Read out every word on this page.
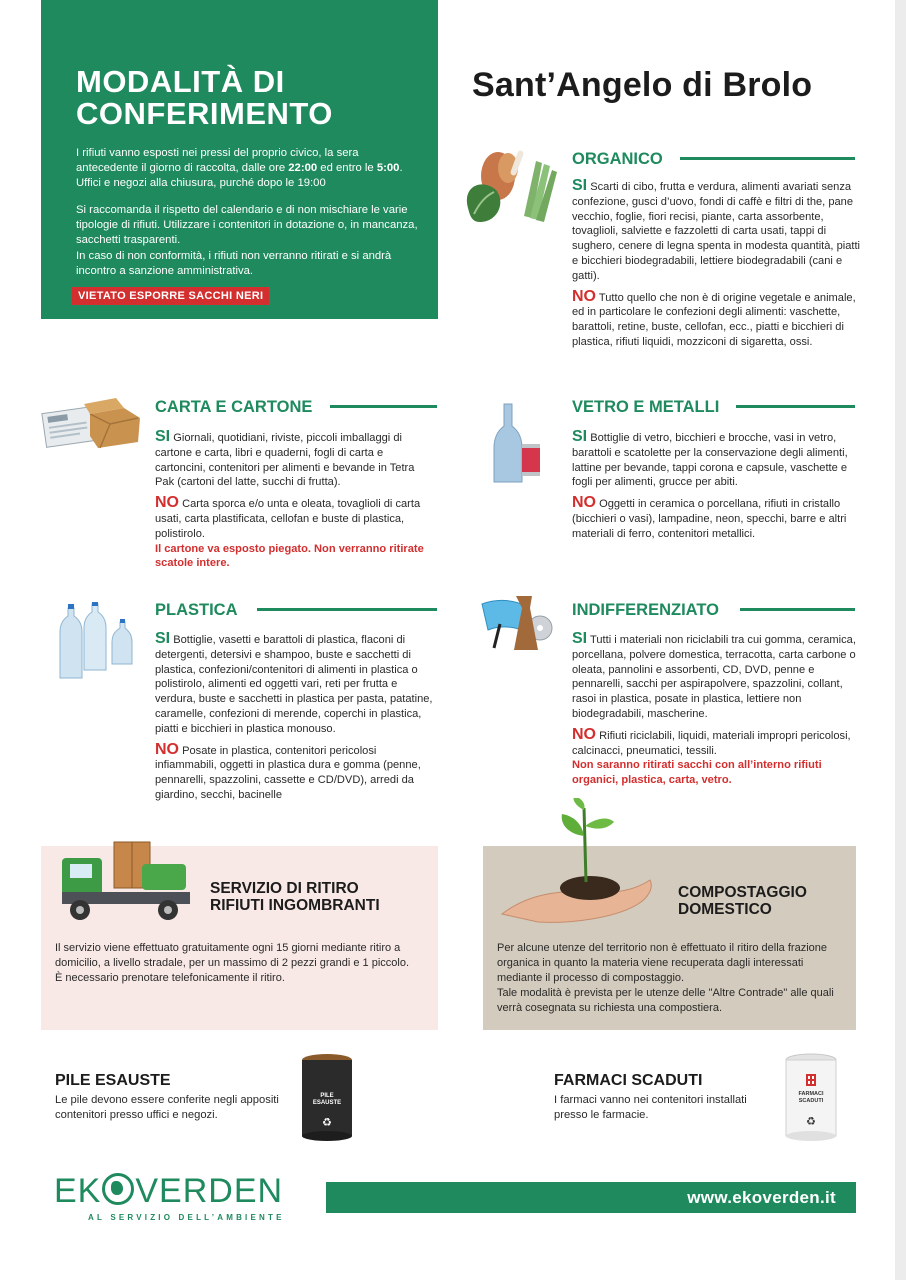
MODALITÀ DI
CONFERIMENTO
I rifiuti vanno esposti nei pressi del proprio civico, la sera antecedente il giorno di raccolta, dalle ore 22:00 ed entro le 5:00. Uffici e negozi alla chiusura, purché dopo le 19:00
Si raccomanda il rispetto del calendario e di non mischiare le varie tipologie di rifiuti. Utilizzare i contenitori in dotazione o, in mancanza, sacchetti trasparenti.
In caso di non conformità, i rifiuti non verranno ritirati e si andrà incontro a sanzione amministrativa.
VIETATO ESPORRE SACCHI NERI
Sant’Angelo di Brolo
ORGANICO

SI Scarti di cibo, frutta e verdura, alimenti avariati senza confezione, gusci d’uovo, fondi di caffè e filtri di the, pane vecchio, foglie, fiori recisi, piante, carta assorbente, tovaglioli, salviette e fazzoletti di carta usati, tappi di sughero, cenere di legna spenta in modesta quantità, piatti e bicchieri biodegradabili, lettiere biodegradabili (cani e gatti).

NO Tutto quello che non è di origine vegetale e animale, ed in particolare le confezioni degli alimenti: vaschette, barattoli, retine, buste, cellofan, ecc., piatti e bicchieri di plastica, rifiuti liquidi, mozziconi di sigaretta, ossi.

CARTA E CARTONE

SI Giornali, quotidiani, riviste, piccoli imballaggi di cartone e carta, libri e quaderni, fogli di carta e cartoncini, contenitori per alimenti e bevande in Tetra Pak (cartoni del latte, succhi di frutta).

NO Carta sporca e/o unta e oleata, tovaglioli di carta usati, carta plastificata, cellofan e buste di plastica, polistirolo.

Il cartone va esposto piegato. Non verranno ritirate scatole intere.
VETRO E METALLI

SI Bottiglie di vetro, bicchieri e brocche, vasi in vetro, barattoli e scatolette per la conservazione degli alimenti, lattine per bevande, tappi corona e capsule, vaschette e fogli per alimenti, grucce per abiti.

NO Oggetti in ceramica o porcellana, rifiuti in cristallo (bicchieri o vasi), lampadine, neon, specchi, barre e altri materiali di ferro, contenitori metallici.

PLASTICA

SI Bottiglie, vasetti e barattoli di plastica, flaconi di detergenti, detersivi e shampoo, buste e sacchetti di plastica, confezioni/contenitori di alimenti in plastica o polistirolo, alimenti ed oggetti vari, reti per frutta e verdura, buste e sacchetti in plastica per pasta, patatine, caramelle, confezioni di merende, coperchi in plastica, piatti e bicchieri in plastica monouso.

NO Posate in plastica, contenitori pericolosi infiammabili, oggetti in plastica dura e gomma (penne, pennarelli, spazzolini, cassette e CD/DVD), arredi da giardino, secchi, bacinelle

INDIFFERENZIATO

SI Tutti i materiali non riciclabili tra cui gomma, ceramica, porcellana, polvere domestica, terracotta, carta carbone o oleata, pannolini e assorbenti, CD, DVD, penne e pennarelli, sacchi per aspirapolvere, spazzolini, collant, rasoi in plastica, posate in plastica, lettiere non biodegradabili, mascherine.

NO Rifiuti riciclabili, liquidi, materiali impropri pericolosi, calcinacci, pneumatici, tessili.

Non saranno ritirati sacchi con all’interno rifiuti organici, plastica, carta, vetro.
SERVIZIO DI RITIRO
RIFIUTI INGOMBRANTI
Il servizio viene effettuato gratuitamente ogni 15 giorni mediante ritiro a domicilio, a livello stradale, per un massimo di 2 pezzi grandi e 1 piccolo. È necessario prenotare telefonicamente il ritiro.
COMPOSTAGGIO
DOMESTICO
Per alcune utenze del territorio non è effettuato il ritiro della frazione organica in quanto la materia viene recuperata dagli interessati mediante il processo di compostaggio.
Tale modalità è prevista per le utenze delle "Altre Contrade" alle quali verrà cosegnata su richiesta una compostiera.
PILE ESAUSTE
Le pile devono essere conferite negli appositi contenitori presso uffici e negozi.
PILE
ESAUSTE
♻
FARMACI SCADUTI
I farmaci vanno nei contenitori installati presso le farmacie.
FARMACI
SCADUTI
♻
EK VERDEN
AL SERVIZIO DELL’AMBIENTE
www.ekoverden.it
